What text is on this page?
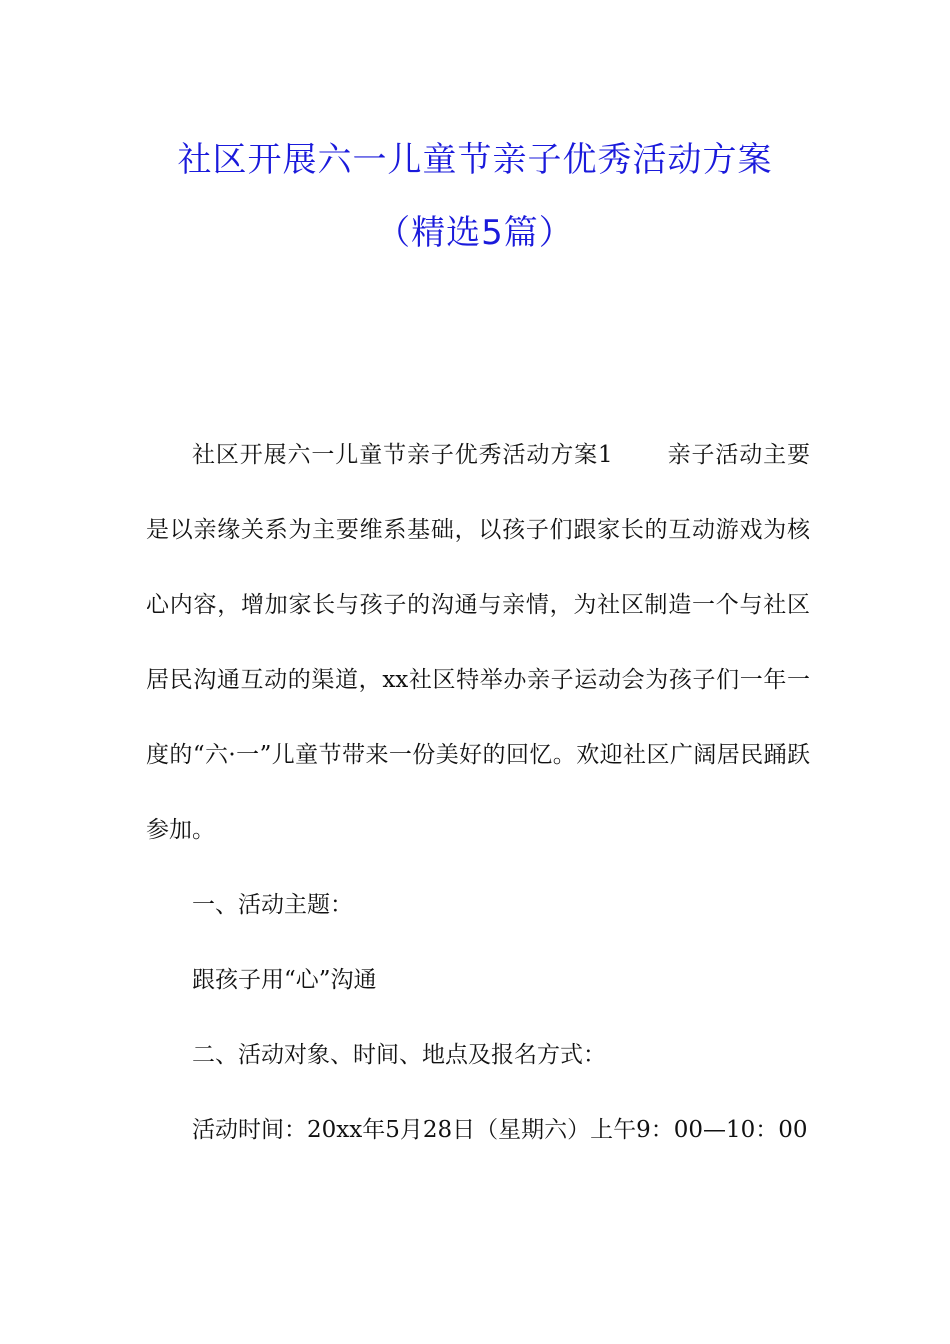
社区开展六一儿童节亲子优秀活动方案
（精选5篇）

社区开展六一儿童节亲子优秀活动方案1 亲子活动主要是以亲缘关系为主要维系基础，以孩子们跟家长的互动游戏为核心内容，增加家长与孩子的沟通与亲情，为社区制造一个与社区居民沟通互动的渠道，xx社区特举办亲子运动会为孩子们一年一度的“六·一”儿童节带来一份美好的回忆。欢迎社区广阔居民踊跃参加。

一、活动主题：

跟孩子用“心”沟通

二、活动对象、时间、地点及报名方式：

活动时间：20xx年5月28日（星期六）上午9：00—10：00
